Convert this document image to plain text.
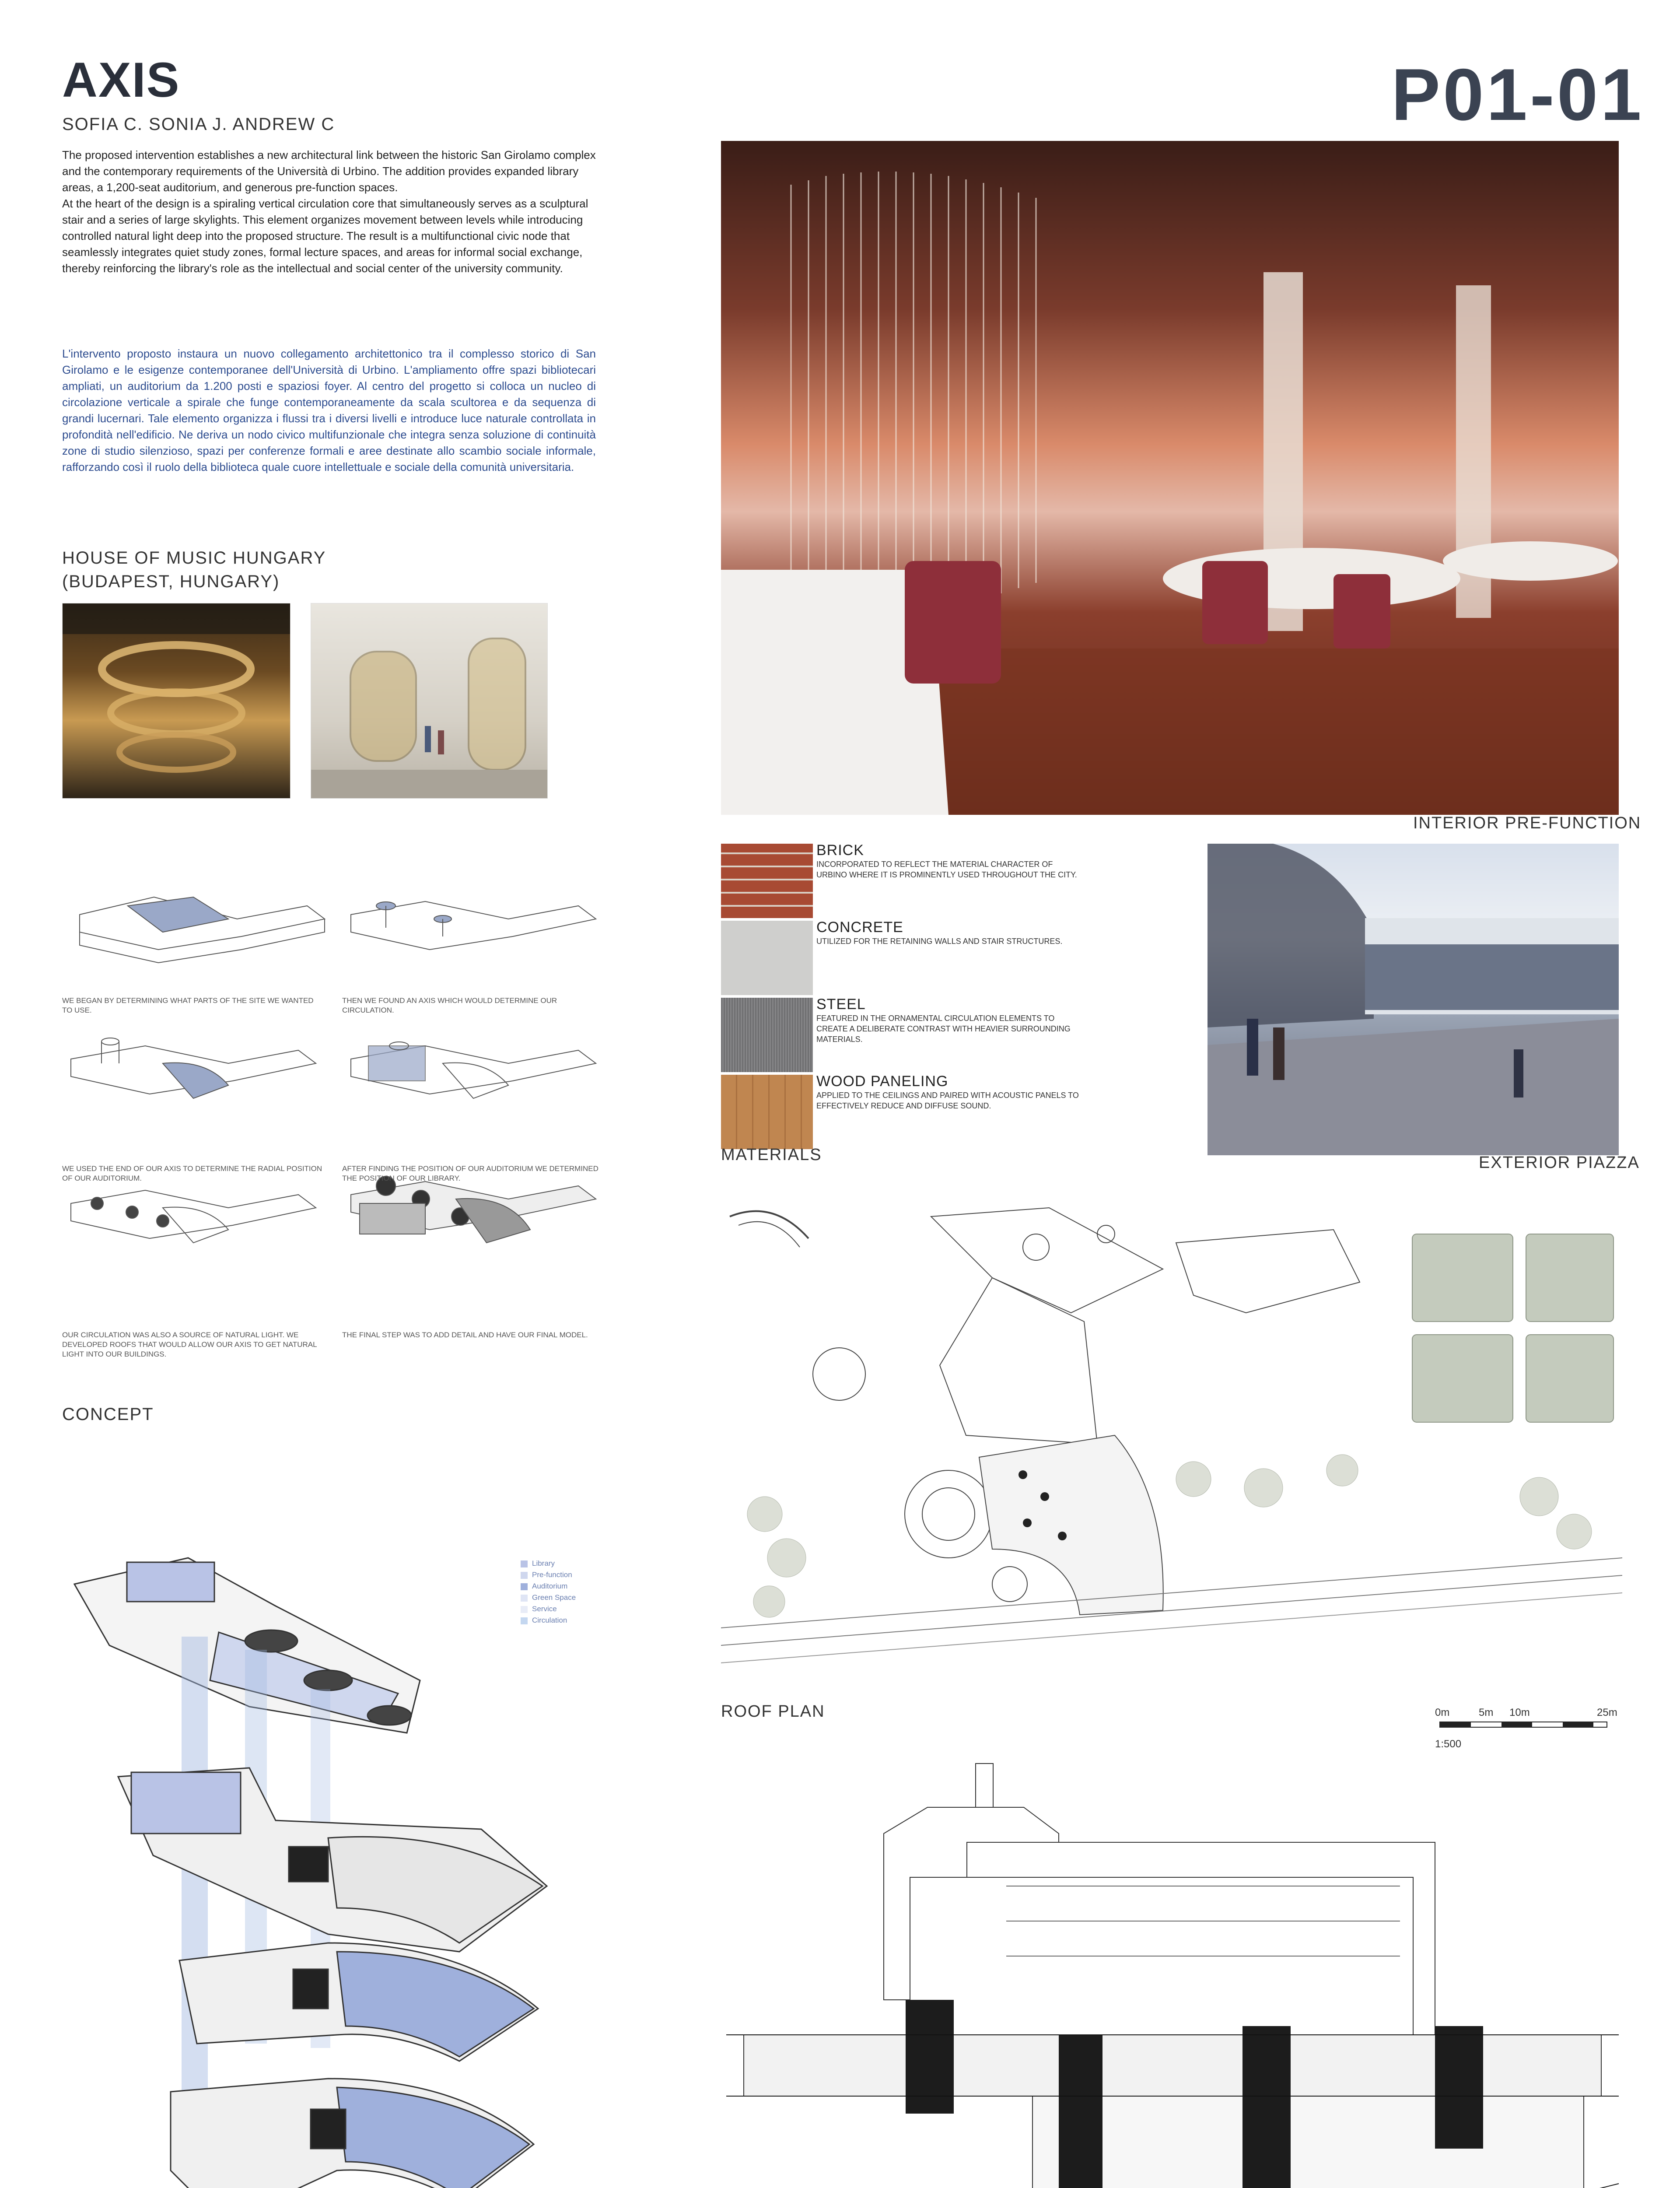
AXIS
SOFIA C. SONIA J. ANDREW C	P01-01

The proposed intervention establishes a new architectural link between the historic San Girolamo complex and the contemporary requirements of the Università di Urbino. The addition provides expanded library areas, a 1,200-seat auditorium, and generous pre-function spaces.

At the heart of the design is a spiraling vertical circulation core that simultaneously serves as a sculptural stair and a series of large skylights. This element organizes movement between levels while introducing controlled natural light deep into the proposed structure. The result is a multifunctional civic node that seamlessly integrates quiet study zones, formal lecture spaces, and areas for informal social exchange, thereby reinforcing the library's role as the intellectual and social center of the university community.

L'intervento proposto instaura un nuovo collegamento architettonico tra il complesso storico di San Girolamo e le esigenze contemporanee dell'Università di Urbino. L'ampliamento offre spazi bibliotecari ampliati, un auditorium da 1.200 posti e spaziosi foyer. Al centro del progetto si colloca un nucleo di circolazione verticale a spirale che funge contemporaneamente da scala scultorea e da sequenza di grandi lucernari. Tale elemento organizza i flussi tra i diversi livelli e introduce luce naturale controllata in profondità nell'edificio. Ne deriva un nodo civico multifunzionale che integra senza soluzione di continuità zone di studio silenzioso, spazi per conferenze formali e aree destinate allo scambio sociale informale, rafforzando così il ruolo della biblioteca quale cuore intellettuale e sociale della comunità universitaria.
HOUSE OF MUSIC HUNGARY
(BUDAPEST, HUNGARY)
WE BEGAN BY DETERMINING WHAT PARTS OF THE SITE WE WANTED TO USE.
THEN WE FOUND AN AXIS WHICH WOULD DETERMINE OUR CIRCULATION.
WE USED THE END OF OUR AXIS TO DETERMINE THE RADIAL POSITION OF OUR AUDITORIUM.
AFTER FINDING THE POSITION OF OUR AUDITORIUM WE DETERMINED THE POSITION OF OUR LIBRARY.
OUR CIRCULATION WAS ALSO A SOURCE OF NATURAL LIGHT. WE DEVELOPED ROOFS THAT WOULD ALLOW OUR AXIS TO GET NATURAL LIGHT INTO OUR BUILDINGS.
THE FINAL STEP WAS TO ADD DETAIL AND HAVE OUR FINAL MODEL.
CONCEPT
Library
Pre-function
Auditorium
Green Space
Service
Circulation
INTERIOR PRE-FUNCTION
BRICK
INCORPORATED TO REFLECT THE MATERIAL CHARACTER OF URBINO WHERE IT IS PROMINENTLY USED THROUGHOUT THE CITY.
CONCRETE
UTILIZED FOR THE RETAINING WALLS AND STAIR STRUCTURES.
STEEL
FEATURED IN THE ORNAMENTAL CIRCULATION ELEMENTS TO CREATE A DELIBERATE CONTRAST WITH HEAVIER SURROUNDING MATERIALS.
WOOD PANELING
APPLIED TO THE CEILINGS AND PAIRED WITH ACOUSTIC PANELS TO EFFECTIVELY REDUCE AND DIFFUSE SOUND.
MATERIALS	EXTERIOR PIAZZA
ROOF PLAN	0m	5m 10m	25m
1:500
